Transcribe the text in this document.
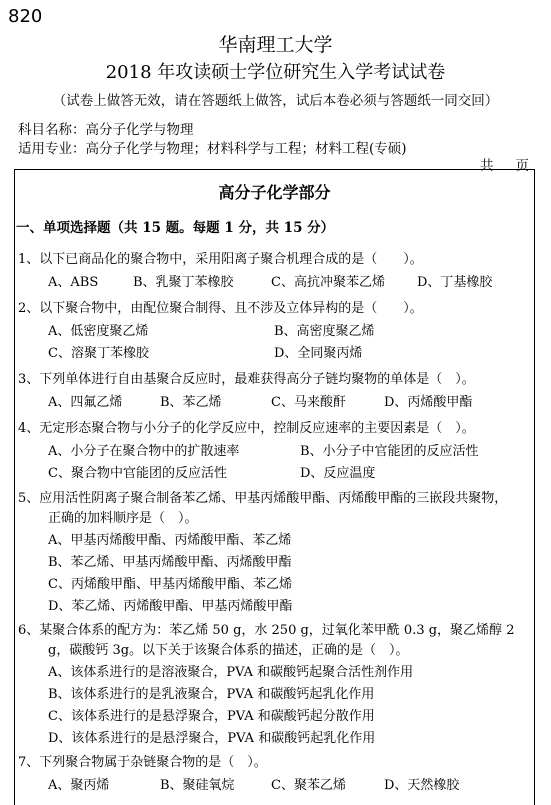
820
华南理工大学
2018 年攻读硕士学位研究生入学考试试卷
（试卷上做答无效，请在答题纸上做答，试后本卷必须与答题纸一同交回）
科目名称：高分子化学与物理
适用专业：高分子化学与物理；材料科学与工程；材料工程(专硕)
共页
高分子化学部分
一、单项选择题（共 15 题。每题 1 分，共 15 分）
1、以下已商品化的聚合物中，采用阳离子聚合机理合成的是（　　）。
A、ABS	B、乳聚丁苯橡胶	C、高抗冲聚苯乙烯 D、丁基橡胶
2、以下聚合物中，由配位聚合制得、且不涉及立体异构的是（　　）。
A、低密度聚乙烯	B、高密度聚乙烯
C、溶聚丁苯橡胶	D、全同聚丙烯
3、下列单体进行自由基聚合反应时，最难获得高分子链均聚物的单体是（　）。
A、四氟乙烯	B、苯乙烯	C、马来酸酐	D、丙烯酸甲酯
4、无定形态聚合物与小分子的化学反应中，控制反应速率的主要因素是（　）。
A、小分子在聚合物中的扩散速率	B、小分子中官能团的反应活性
C、聚合物中官能团的反应活性	D、反应温度
5、应用活性阴离子聚合制备苯乙烯、甲基丙烯酸甲酯、丙烯酸甲酯的三嵌段共聚物，
正确的加料顺序是（　）。
A、甲基丙烯酸甲酯、丙烯酸甲酯、苯乙烯
B、苯乙烯、甲基丙烯酸甲酯、丙烯酸甲酯
C、丙烯酸甲酯、甲基丙烯酸甲酯、苯乙烯
D、苯乙烯、丙烯酸甲酯、甲基丙烯酸甲酯
6、某聚合体系的配方为：苯乙烯 50 g，水 250 g，过氧化苯甲酰 0.3 g，聚乙烯醇 2
g，碳酸钙 3g。以下关于该聚合体系的描述，正确的是（　）。
A、该体系进行的是溶液聚合，PVA 和碳酸钙起聚合活性剂作用
B、该体系进行的是乳液聚合，PVA 和碳酸钙起乳化作用
C、该体系进行的是悬浮聚合，PVA 和碳酸钙起分散作用
D、该体系进行的是悬浮聚合，PVA 和碳酸钙起乳化作用
7、下列聚合物属于杂链聚合物的是（　）。
A、聚丙烯	B、聚硅氧烷	C、聚苯乙烯	D、天然橡胶
